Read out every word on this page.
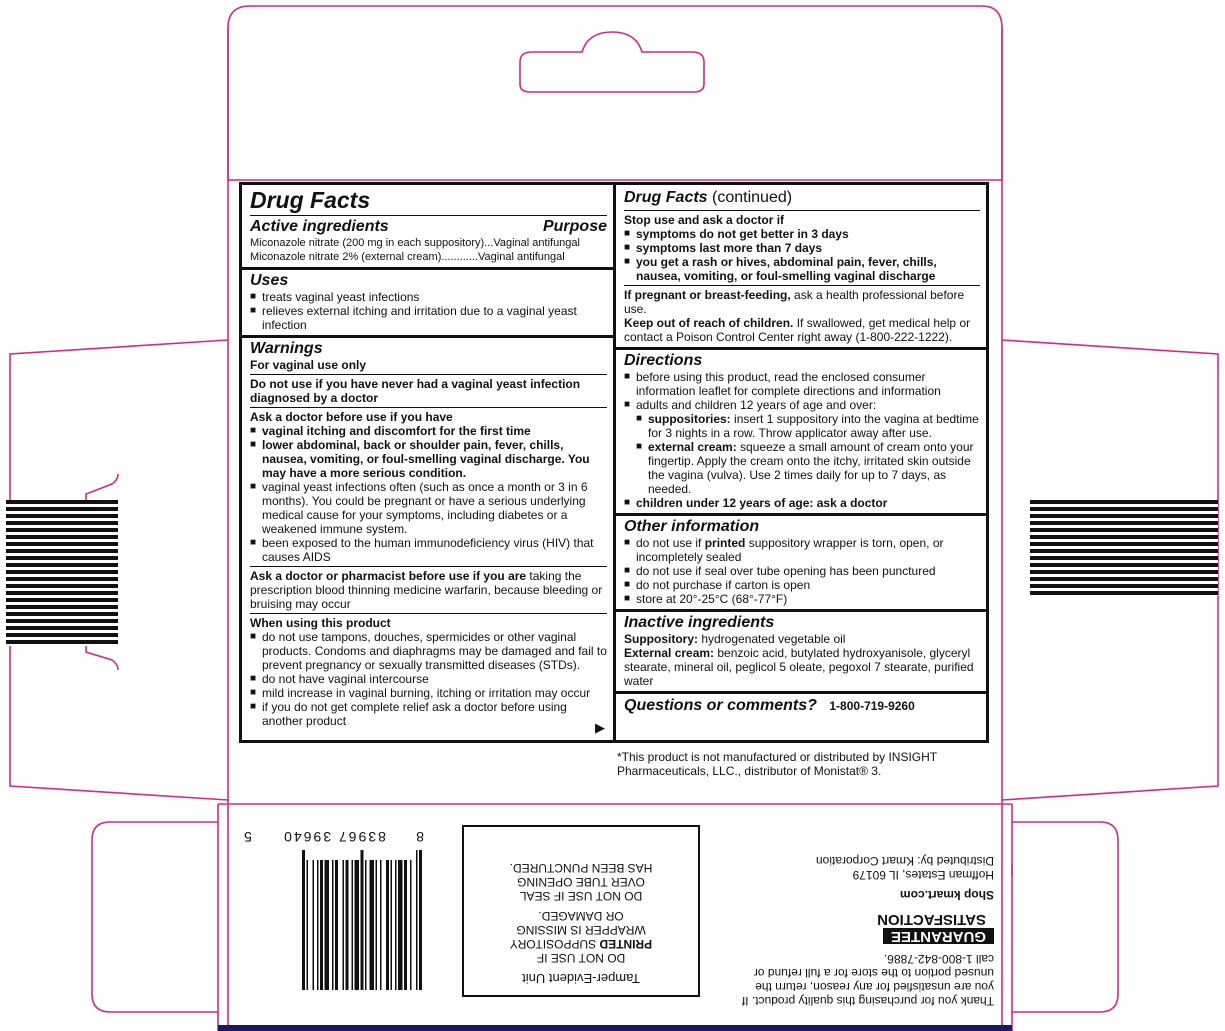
Drug Facts
Active ingredients	Purpose
Miconazole nitrate (200 mg in each suppository)...Vaginal antifungal
Miconazole nitrate 2% (external cream)............Vaginal antifungal
Uses
■ treats vaginal yeast infections
■ relieves external itching and irritation due to a vaginal yeast infection
Warnings
For vaginal use only
Do not use if you have never had a vaginal yeast infection diagnosed by a doctor
Ask a doctor before use if you have
■ vaginal itching and discomfort for the first time
■ lower abdominal, back or shoulder pain, fever, chills, nausea, vomiting, or foul-smelling vaginal discharge. You may have a more serious condition.
■ vaginal yeast infections often (such as once a month or 3 in 6 months). You could be pregnant or have a serious underlying medical cause for your symptoms, including diabetes or a weakened immune system.
■ been exposed to the human immunodeficiency virus (HIV) that causes AIDS
Ask a doctor or pharmacist before use if you are taking the prescription blood thinning medicine warfarin, because bleeding or bruising may occur
When using this product
■ do not use tampons, douches, spermicides or other vaginal products. Condoms and diaphragms may be damaged and fail to prevent pregnancy or sexually transmitted diseases (STDs).
■ do not have vaginal intercourse
■ mild increase in vaginal burning, itching or irritation may occur
■ if you do not get complete relief ask a doctor before using another product	▶
Drug Facts (continued)
Stop use and ask a doctor if
■ symptoms do not get better in 3 days
■ symptoms last more than 7 days
■ you get a rash or hives, abdominal pain, fever, chills, nausea, vomiting, or foul-smelling vaginal discharge
If pregnant or breast-feeding, ask a health professional before use.
Keep out of reach of children. If swallowed, get medical help or contact a Poison Control Center right away (1-800-222-1222).
Directions
■ before using this product, read the enclosed consumer information leaflet for complete directions and information
■ adults and children 12 years of age and over:
■ suppositories: insert 1 suppository into the vagina at bedtime for 3 nights in a row. Throw applicator away after use.
■ external cream: squeeze a small amount of cream onto your fingertip. Apply the cream onto the itchy, irritated skin outside the vagina (vulva). Use 2 times daily for up to 7 days, as needed.
■ children under 12 years of age: ask a doctor
Other information
■ do not use if printed suppository wrapper is torn, open, or incompletely sealed
■ do not use if seal over tube opening has been punctured
■ do not purchase if carton is open
■ store at 20°-25°C (68°-77°F)
Inactive ingredients
Suppository: hydrogenated vegetable oil
External cream: benzoic acid, butylated hydroxyanisole, glyceryl stearate, mineral oil, peglicol 5 oleate, pegoxol 7 stearate, purified water
Questions or comments? 1-800-719-9260
*This product is not manufactured or distributed by INSIGHT Pharmaceuticals, LLC., distributor of Monistat® 3.
8
83967 39640
5
Tamper-Evident Unit
DO NOT USE IF
PRINTED SUPPOSITORY
WRAPPER IS MISSING
OR DAMAGED.
DO NOT USE IF SEAL
OVER TUBE OPENING
HAS BEEN PUNCTURED.
Thank you for purchasing this quality product. If you are unsatisfied for any reason, return the unused portion to the store for a full refund or call 1-800-842-7886.
GUARANTEE
SATISFACTION
Shop kmart.com
Hoffman Estates, IL 60179
Distributed by: Kmart Corporation
